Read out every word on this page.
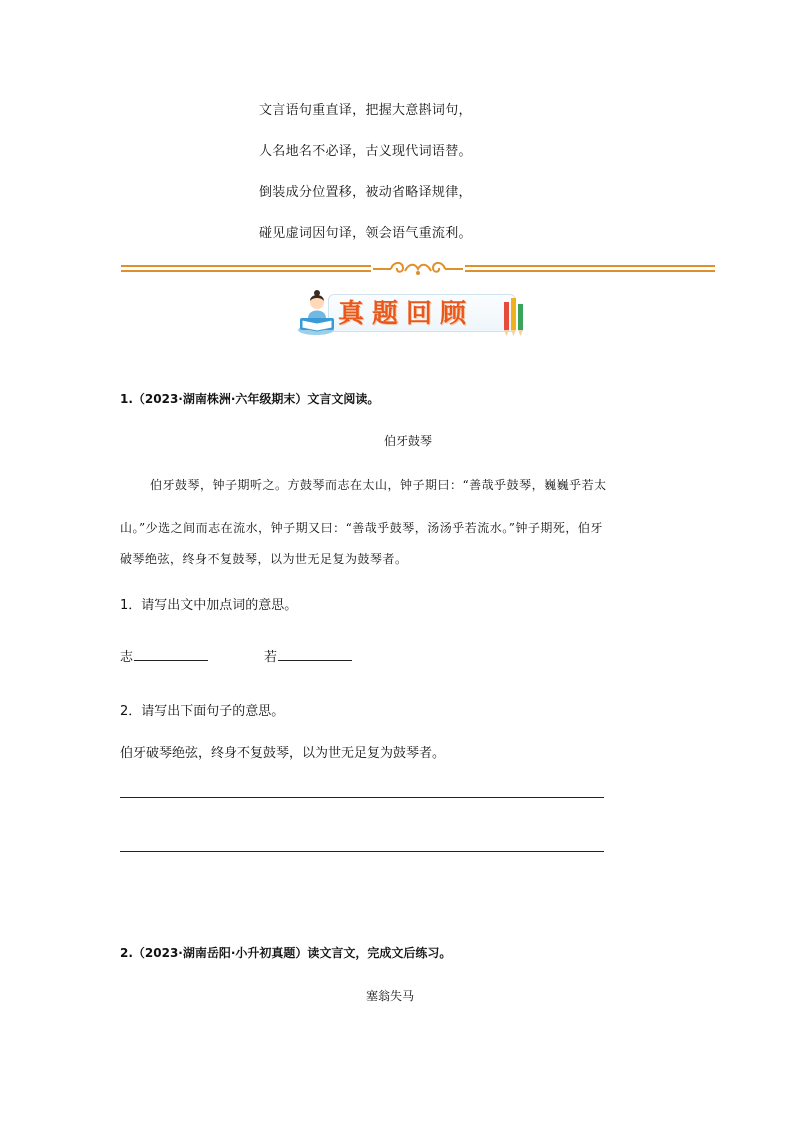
文言语句重直译，把握大意斟词句，
人名地名不必译，古义现代词语替。
倒装成分位置移，被动省略译规律，
碰见虚词因句译，领会语气重流利。
真题回顾
1.（2023·湖南株洲·六年级期末）文言文阅读。
伯牙鼓琴
伯牙鼓琴，钟子期听之。方鼓琴而志在太山，钟子期曰：“善哉乎鼓琴，巍巍乎若太
山。”少选之间而志在流水，钟子期又曰：“善哉乎鼓琴，汤汤乎若流水。”钟子期死，伯牙
破琴绝弦，终身不复鼓琴，以为世无足复为鼓琴者。
1．请写出文中加点词的意思。
志	若
2．请写出下面句子的意思。
伯牙破琴绝弦，终身不复鼓琴，以为世无足复为鼓琴者。
2.（2023·湖南岳阳·小升初真题）读文言文，完成文后练习。
塞翁失马
